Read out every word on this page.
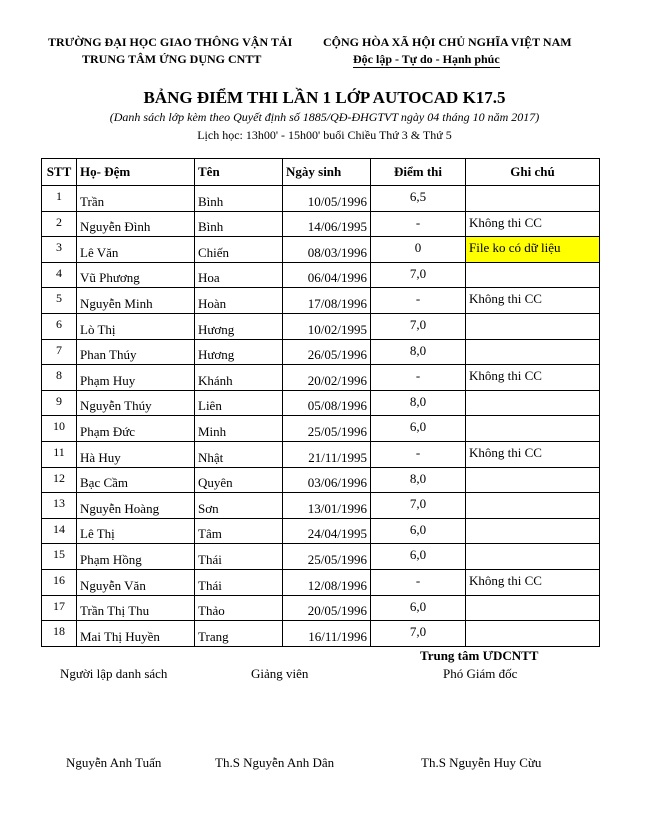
TRƯỜNG ĐẠI HỌC GIAO THÔNG VẬN TẢI
TRUNG TÂM ỨNG DỤNG CNTT
CỘNG HÒA XÃ HỘI CHỦ NGHĨA VIỆT NAM
Độc lập - Tự do - Hạnh phúc
BẢNG ĐIỂM THI LẦN 1 LỚP AUTOCAD K17.5
(Danh sách lớp kèm theo Quyết định số 1885/QĐ-ĐHGTVT ngày 04 tháng 10 năm 2017)
Lịch học: 13h00' - 15h00' buổi Chiều Thứ 3 & Thứ 5
STT	Họ- Đệm	Tên	Ngày sinh	Điểm thi	Ghi chú
1	Trần	Bình	10/05/1996	6,5	
2	Nguyễn Đình	Bình	14/06/1995	-	Không thi CC
3	Lê Văn	Chiến	08/03/1996	0	File ko có dữ liệu
4	Vũ Phương	Hoa	06/04/1996	7,0	
5	Nguyễn Minh	Hoàn	17/08/1996	-	Không thi CC
6	Lò Thị	Hương	10/02/1995	7,0	
7	Phan Thúy	Hương	26/05/1996	8,0	
8	Phạm Huy	Khánh	20/02/1996	-	Không thi CC
9	Nguyễn Thúy	Liên	05/08/1996	8,0	
10	Phạm Đức	Minh	25/05/1996	6,0	
11	Hà Huy	Nhật	21/11/1995	-	Không thi CC
12	Bạc Cầm	Quyên	03/06/1996	8,0	
13	Nguyễn Hoàng	Sơn	13/01/1996	7,0	
14	Lê Thị	Tâm	24/04/1995	6,0	
15	Phạm Hồng	Thái	25/05/1996	6,0	
16	Nguyễn Văn	Thái	12/08/1996	-	Không thi CC
17	Trần Thị Thu	Thảo	20/05/1996	6,0	
18	Mai Thị Huyền	Trang	16/11/1996	7,0	
Trung tâm ƯDCNTT
Người lập danh sách	Giảng viên	Phó Giám đốc
Nguyễn Anh Tuấn	Th.S Nguyễn Anh Dân	Th.S Nguyễn Huy Cừu
